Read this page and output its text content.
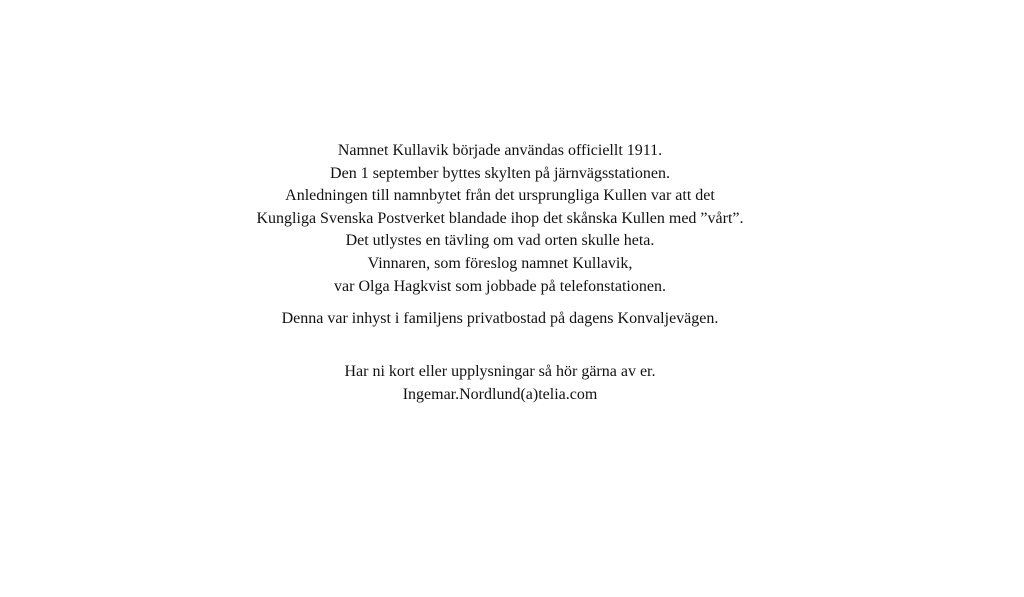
Namnet Kullavik började användas officiellt 1911.
Den 1 september byttes skylten på järnvägsstationen.
Anledningen till namnbytet från det ursprungliga Kullen var att det
Kungliga Svenska Postverket blandade ihop det skånska Kullen med ”vårt”.
Det utlystes en tävling om vad orten skulle heta.
Vinnaren, som föreslog namnet Kullavik,
var Olga Hagkvist som jobbade på telefonstationen.
Denna var inhyst i familjens privatbostad på dagens Konvaljevägen.
Har ni kort eller upplysningar så hör gärna av er.
Ingemar.Nordlund(a)telia.com
